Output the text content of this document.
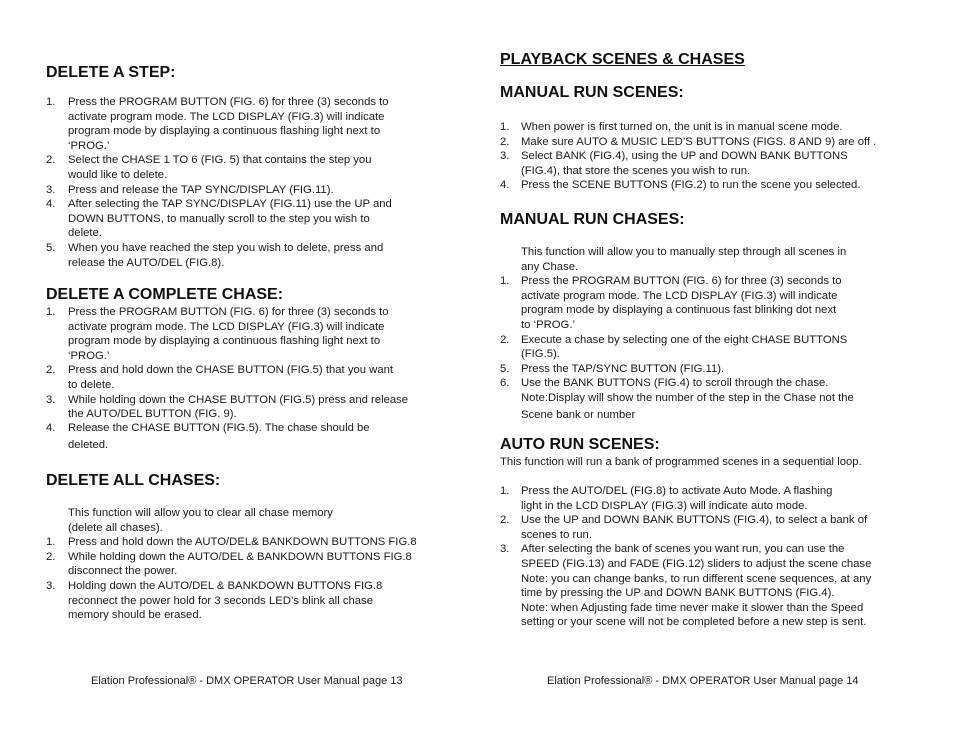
DELETE A STEP:
1. Press the PROGRAM BUTTON (FIG. 6) for three (3) seconds to
activate program mode. The LCD DISPLAY (FIG.3) will indicate
program mode by displaying a continuous flashing light next to
‘PROG.’
2. Select the CHASE 1 TO 6 (FIG. 5) that contains the step you
would like to delete.
3. Press and release the TAP SYNC/DISPLAY (FIG.11).
4. After selecting the TAP SYNC/DISPLAY (FIG.11) use the UP and
DOWN BUTTONS, to manually scroll to the step you wish to
delete.
5. When you have reached the step you wish to delete, press and
release the AUTO/DEL (FIG.8).
DELETE A COMPLETE CHASE:
1. Press the PROGRAM BUTTON (FIG. 6) for three (3) seconds to
activate program mode. The LCD DISPLAY (FIG.3) will indicate
program mode by displaying a continuous flashing light next to
‘PROG.’
2. Press and hold down the CHASE BUTTON (FIG.5) that you want
to delete.
3. While holding down the CHASE BUTTON (FIG.5) press and release
the AUTO/DEL BUTTON (FIG. 9).
4. Release the CHASE BUTTON (FIG.5). The chase should be
deleted.
DELETE ALL CHASES:
This function will allow you to clear all chase memory
(delete all chases).
1. Press and hold down the AUTO/DEL& BANKDOWN BUTTONS FIG.8
2. While holding down the AUTO/DEL & BANKDOWN BUTTONS FIG.8
disconnect the power.
3. Holding down the AUTO/DEL & BANKDOWN BUTTONS FIG.8
reconnect the power hold for 3 seconds LED’s blink all chase
memory should be erased.
Elation Professional® - DMX OPERATOR User Manual page 13
PLAYBACK SCENES & CHASES
MANUAL RUN SCENES:
1. When power is first turned on, the unit is in manual scene mode.
2. Make sure AUTO & MUSIC LED’S BUTTONS (FIGS. 8 AND 9) are off .
3. Select BANK (FIG.4), using the UP and DOWN BANK BUTTONS
(FIG.4), that store the scenes you wish to run.
4. Press the SCENE BUTTONS (FIG.2) to run the scene you selected.
MANUAL RUN CHASES:
This function will allow you to manually step through all scenes in
any Chase.
1. Press the PROGRAM BUTTON (FIG. 6) for three (3) seconds to
activate program mode. The LCD DISPLAY (FIG.3) will indicate
program mode by displaying a continuous fast blinking dot next
to ‘PROG.’
2. Execute a chase by selecting one of the eight CHASE BUTTONS
(FIG.5).
5. Press the TAP/SYNC BUTTON (FIG.11).
6. Use the BANK BUTTONS (FIG.4) to scroll through the chase.
Note:Display will show the number of the step in the Chase not the
Scene bank or number
AUTO RUN SCENES:
This function will run a bank of programmed scenes in a sequential loop.
1. Press the AUTO/DEL (FIG.8) to activate Auto Mode. A flashing
light in the LCD DISPLAY (FIG.3) will indicate auto mode.
2. Use the UP and DOWN BANK BUTTONS (FIG.4), to select a bank of
scenes to run.
3. After selecting the bank of scenes you want run, you can use the
SPEED (FIG.13) and FADE (FIG.12) sliders to adjust the scene chase
Note: you can change banks, to run different scene sequences, at any
time by pressing the UP and DOWN BANK BUTTONS (FIG.4).
Note: when Adjusting fade time never make it slower than the Speed
setting or your scene will not be completed before a new step is sent.
Elation Professional® - DMX OPERATOR User Manual page 14
